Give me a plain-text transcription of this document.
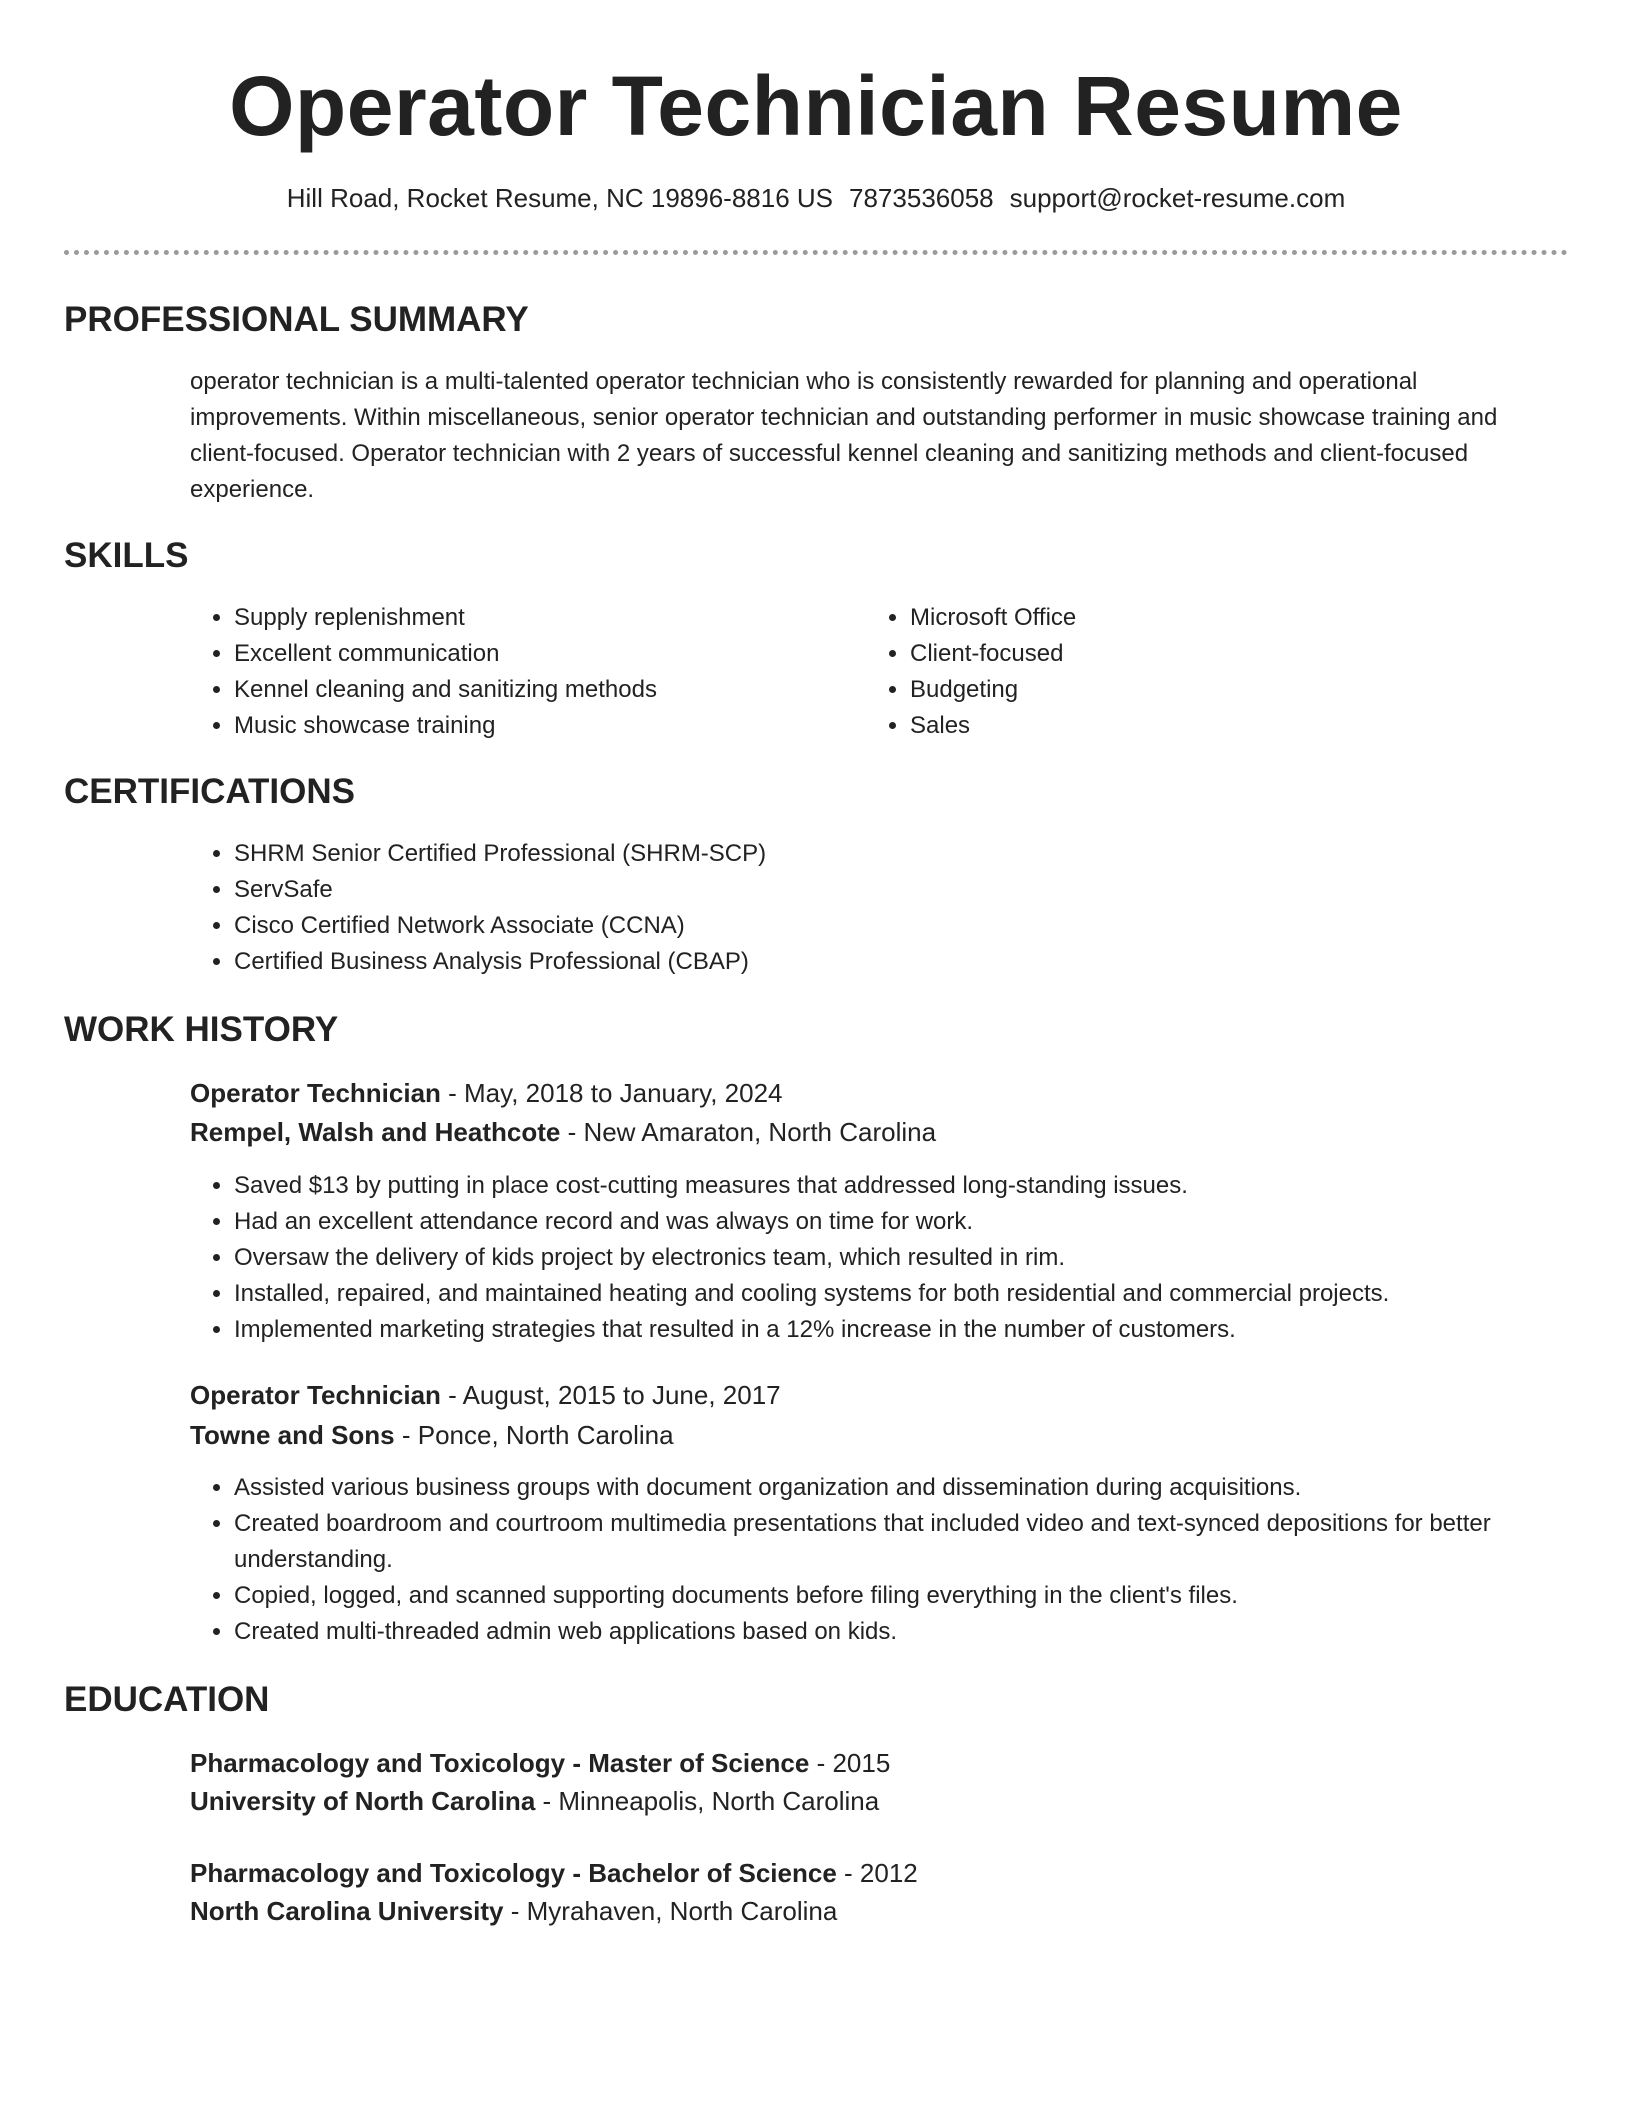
Operator Technician Resume
Hill Road, Rocket Resume, NC 19896-8816 US 7873536058 support@rocket-resume.com
PROFESSIONAL SUMMARY

operator technician is a multi-talented operator technician who is consistently rewarded for planning and operational improvements. Within miscellaneous, senior operator technician and outstanding performer in music showcase training and client-focused. Operator technician with 2 years of successful kennel cleaning and sanitizing methods and client-focused experience.

SKILLS
• Supply replenishment
• Excellent communication
• Kennel cleaning and sanitizing methods
• Music showcase training
• Microsoft Office
• Client-focused
• Budgeting
• Sales
CERTIFICATIONS
• SHRM Senior Certified Professional (SHRM-SCP)
• ServSafe
• Cisco Certified Network Associate (CCNA)
• Certified Business Analysis Professional (CBAP)
WORK HISTORY

Operator Technician - May, 2018 to January, 2024

Rempel, Walsh and Heathcote - New Amaraton, North Carolina

• Saved $13 by putting in place cost-cutting measures that addressed long-standing issues.
• Had an excellent attendance record and was always on time for work.
• Oversaw the delivery of kids project by electronics team, which resulted in rim.
• Installed, repaired, and maintained heating and cooling systems for both residential and commercial projects.
• Implemented marketing strategies that resulted in a 12% increase in the number of customers.

Operator Technician - August, 2015 to June, 2017

Towne and Sons - Ponce, North Carolina

• Assisted various business groups with document organization and dissemination during acquisitions.
• Created boardroom and courtroom multimedia presentations that included video and text-synced depositions for better understanding.
• Copied, logged, and scanned supporting documents before filing everything in the client's files.
• Created multi-threaded admin web applications based on kids.
EDUCATION

Pharmacology and Toxicology - Master of Science - 2015

University of North Carolina - Minneapolis, North Carolina

Pharmacology and Toxicology - Bachelor of Science - 2012

North Carolina University - Myrahaven, North Carolina
